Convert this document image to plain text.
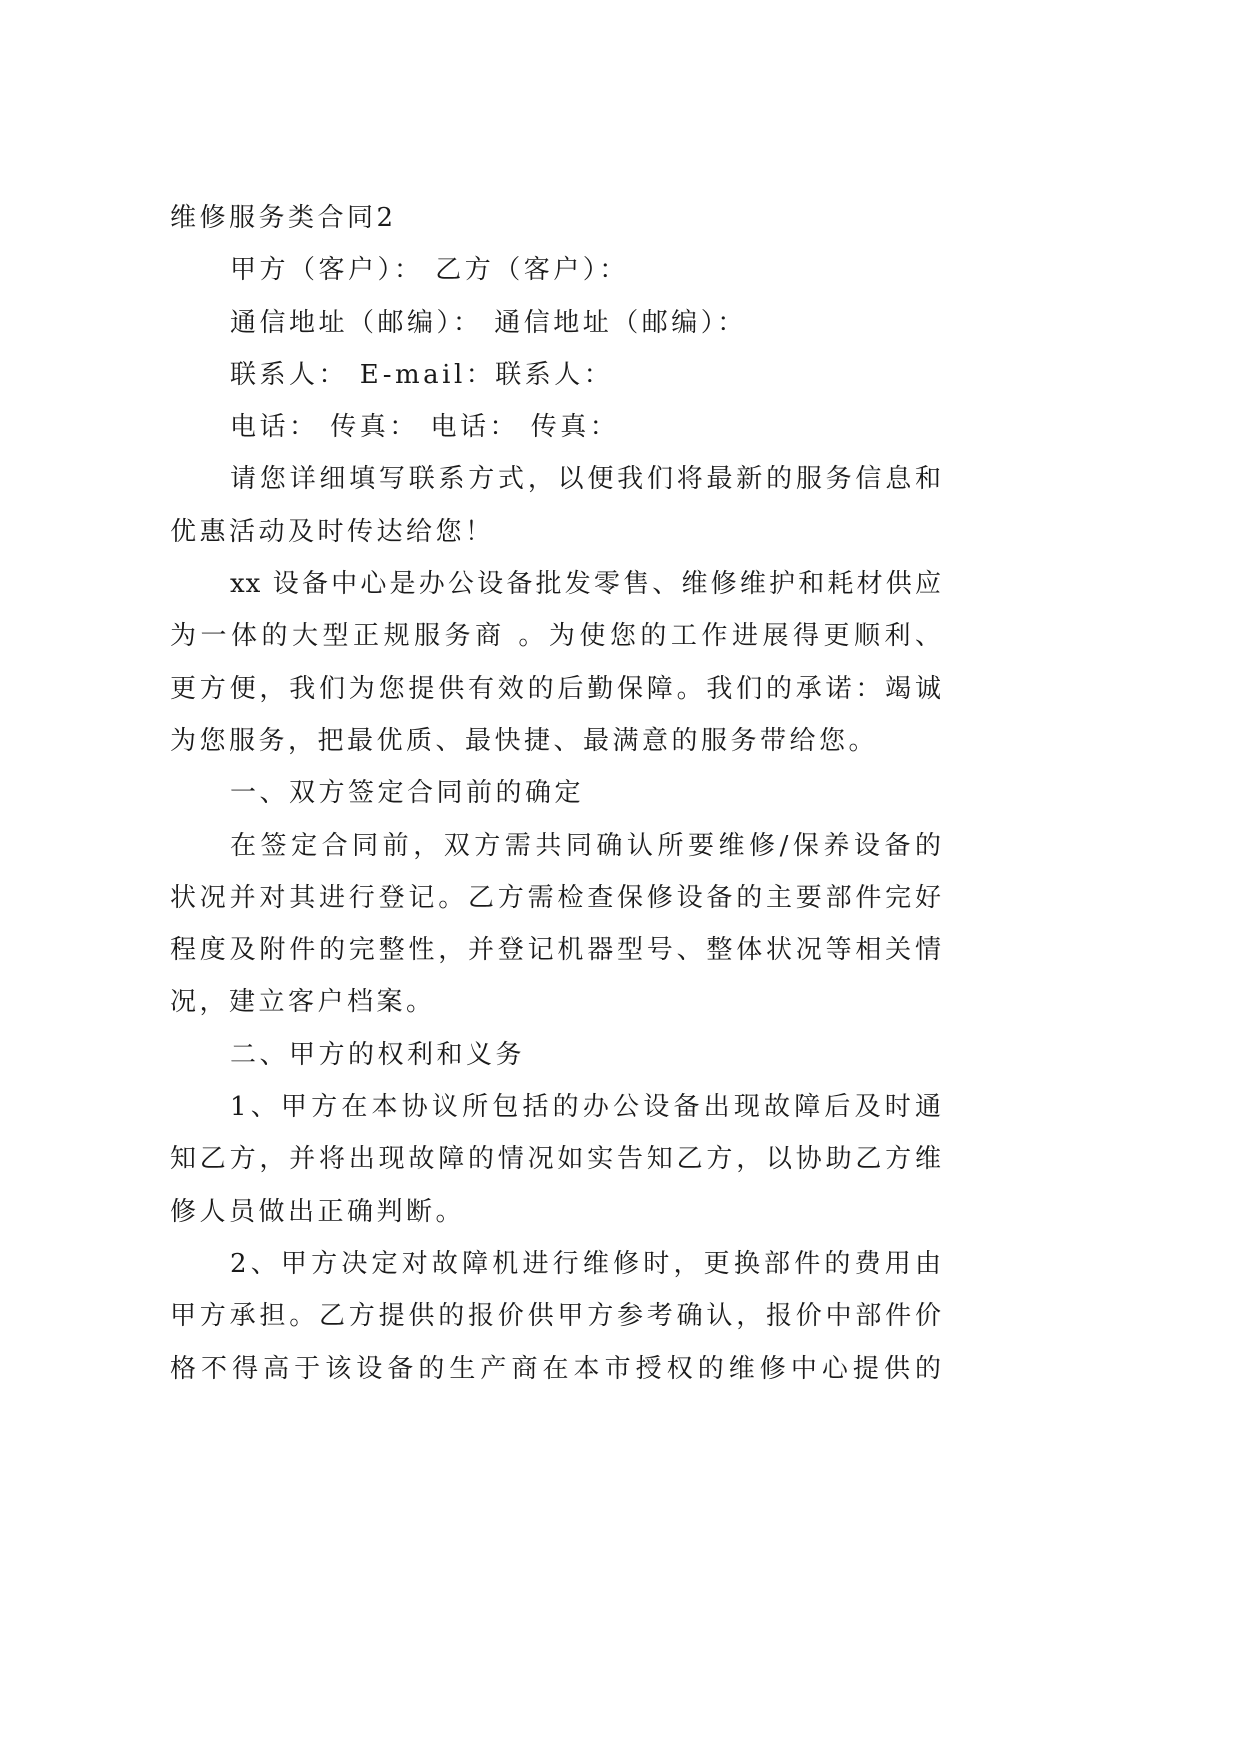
维修服务类合同2
甲方（客户）： 乙方（客户）：
通信地址（邮编）： 通信地址（邮编）：
联系人： E-mail：联系人：
电话： 传真： 电话： 传真：
请您详细填写联系方式，以便我们将最新的服务信息和
优惠活动及时传达给您！
xx 设备中心是办公设备批发零售、维修维护和耗材供应
为一体的大型正规服务商 。为使您的工作进展得更顺利、
更方便，我们为您提供有效的后勤保障。我们的承诺：竭诚
为您服务，把最优质、最快捷、最满意的服务带给您。
一、双方签定合同前的确定
在签定合同前，双方需共同确认所要维修/保养设备的
状况并对其进行登记。乙方需检查保修设备的主要部件完好
程度及附件的完整性，并登记机器型号、整体状况等相关情
况，建立客户档案。
二、甲方的权利和义务
1、甲方在本协议所包括的办公设备出现故障后及时通
知乙方，并将出现故障的情况如实告知乙方，以协助乙方维
修人员做出正确判断。
2、甲方决定对故障机进行维修时，更换部件的费用由
甲方承担。乙方提供的报价供甲方参考确认，报价中部件价
格不得高于该设备的生产商在本市授权的维修中心提供的
